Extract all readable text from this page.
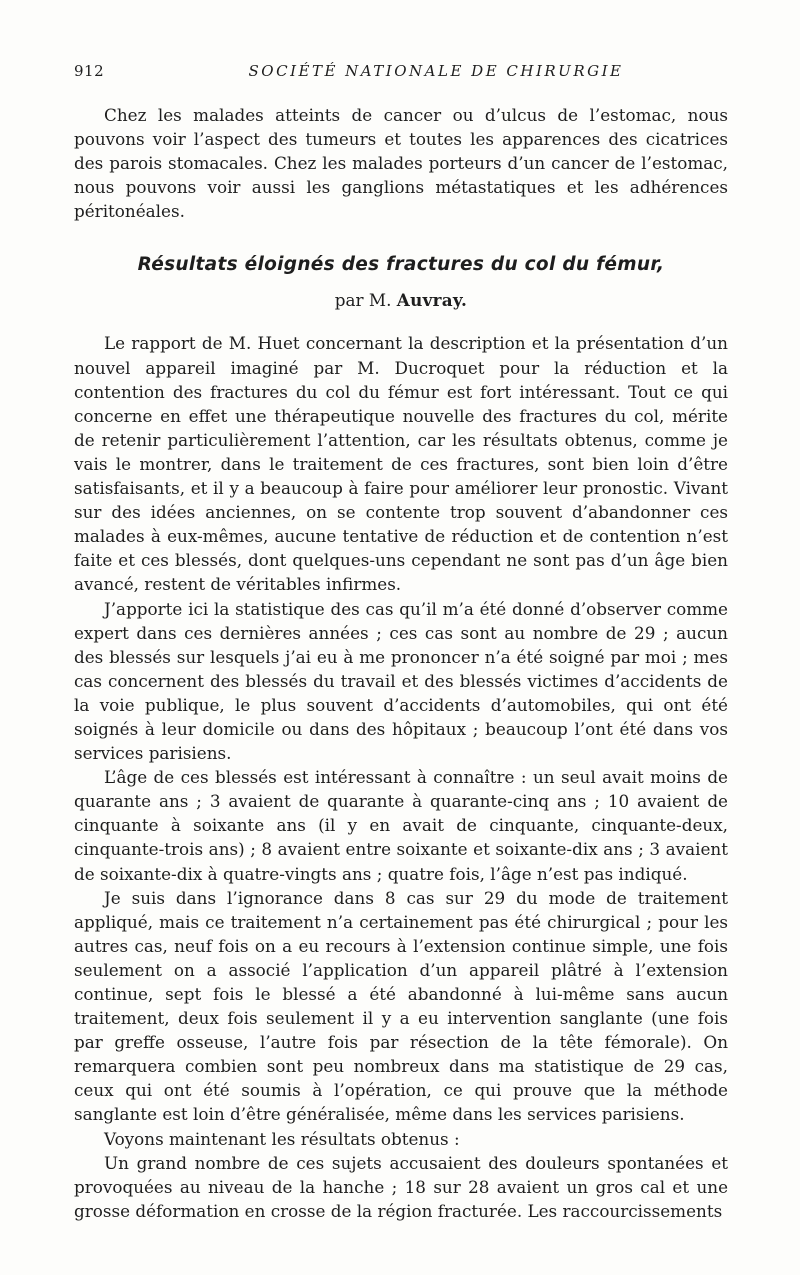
912	SOCIÉTÉ NATIONALE DE CHIRURGIE

Chez les malades atteints de cancer ou d’ulcus de l’estomac, nous pouvons voir l’aspect des tumeurs et toutes les apparences des cicatrices des parois stomacales. Chez les malades porteurs d’un cancer de l’estomac, nous pouvons voir aussi les ganglions métastatiques et les adhérences péritonéales.

Résultats éloignés des fractures du col du fémur,
par M. Auvray.

Le rapport de M. Huet concernant la description et la présentation d’un nouvel appareil imaginé par M. Ducroquet pour la réduction et la contention des fractures du col du fémur est fort intéressant. Tout ce qui concerne en effet une thérapeutique nouvelle des fractures du col, mérite de retenir particulièrement l’attention, car les résultats obtenus, comme je vais le montrer, dans le traitement de ces fractures, sont bien loin d’être satisfaisants, et il y a beaucoup à faire pour améliorer leur pronostic. Vivant sur des idées anciennes, on se contente trop souvent d’abandonner ces malades à eux-mêmes, aucune tentative de réduction et de contention n’est faite et ces blessés, dont quelques-uns cependant ne sont pas d’un âge bien avancé, restent de véritables infirmes.

J’apporte ici la statistique des cas qu’il m’a été donné d’observer comme expert dans ces dernières années ; ces cas sont au nombre de 29 ; aucun des blessés sur lesquels j’ai eu à me prononcer n’a été soigné par moi ; mes cas concernent des blessés du travail et des blessés victimes d’accidents de la voie publique, le plus souvent d’accidents d’automobiles, qui ont été soignés à leur domicile ou dans des hôpitaux ; beaucoup l’ont été dans vos services parisiens.

L’âge de ces blessés est intéressant à connaître : un seul avait moins de quarante ans ; 3 avaient de quarante à quarante-cinq ans ; 10 avaient de cinquante à soixante ans (il y en avait de cinquante, cinquante-deux, cinquante-trois ans) ; 8 avaient entre soixante et soixante-dix ans ; 3 avaient de soixante-dix à quatre-vingts ans ; quatre fois, l’âge n’est pas indiqué.

Je suis dans l’ignorance dans 8 cas sur 29 du mode de traitement appliqué, mais ce traitement n’a certainement pas été chirurgical ; pour les autres cas, neuf fois on a eu recours à l’extension continue simple, une fois seulement on a associé l’application d’un appareil plâtré à l’extension continue, sept fois le blessé a été abandonné à lui-même sans aucun traitement, deux fois seulement il y a eu intervention sanglante (une fois par greffe osseuse, l’autre fois par résection de la tête fémorale). On remarquera combien sont peu nombreux dans ma statistique de 29 cas, ceux qui ont été soumis à l’opération, ce qui prouve que la méthode sanglante est loin d’être généralisée, même dans les services parisiens.

Voyons maintenant les résultats obtenus :

Un grand nombre de ces sujets accusaient des douleurs spontanées et provoquées au niveau de la hanche ; 18 sur 28 avaient un gros cal et une grosse déformation en crosse de la région fracturée. Les raccourcissements
